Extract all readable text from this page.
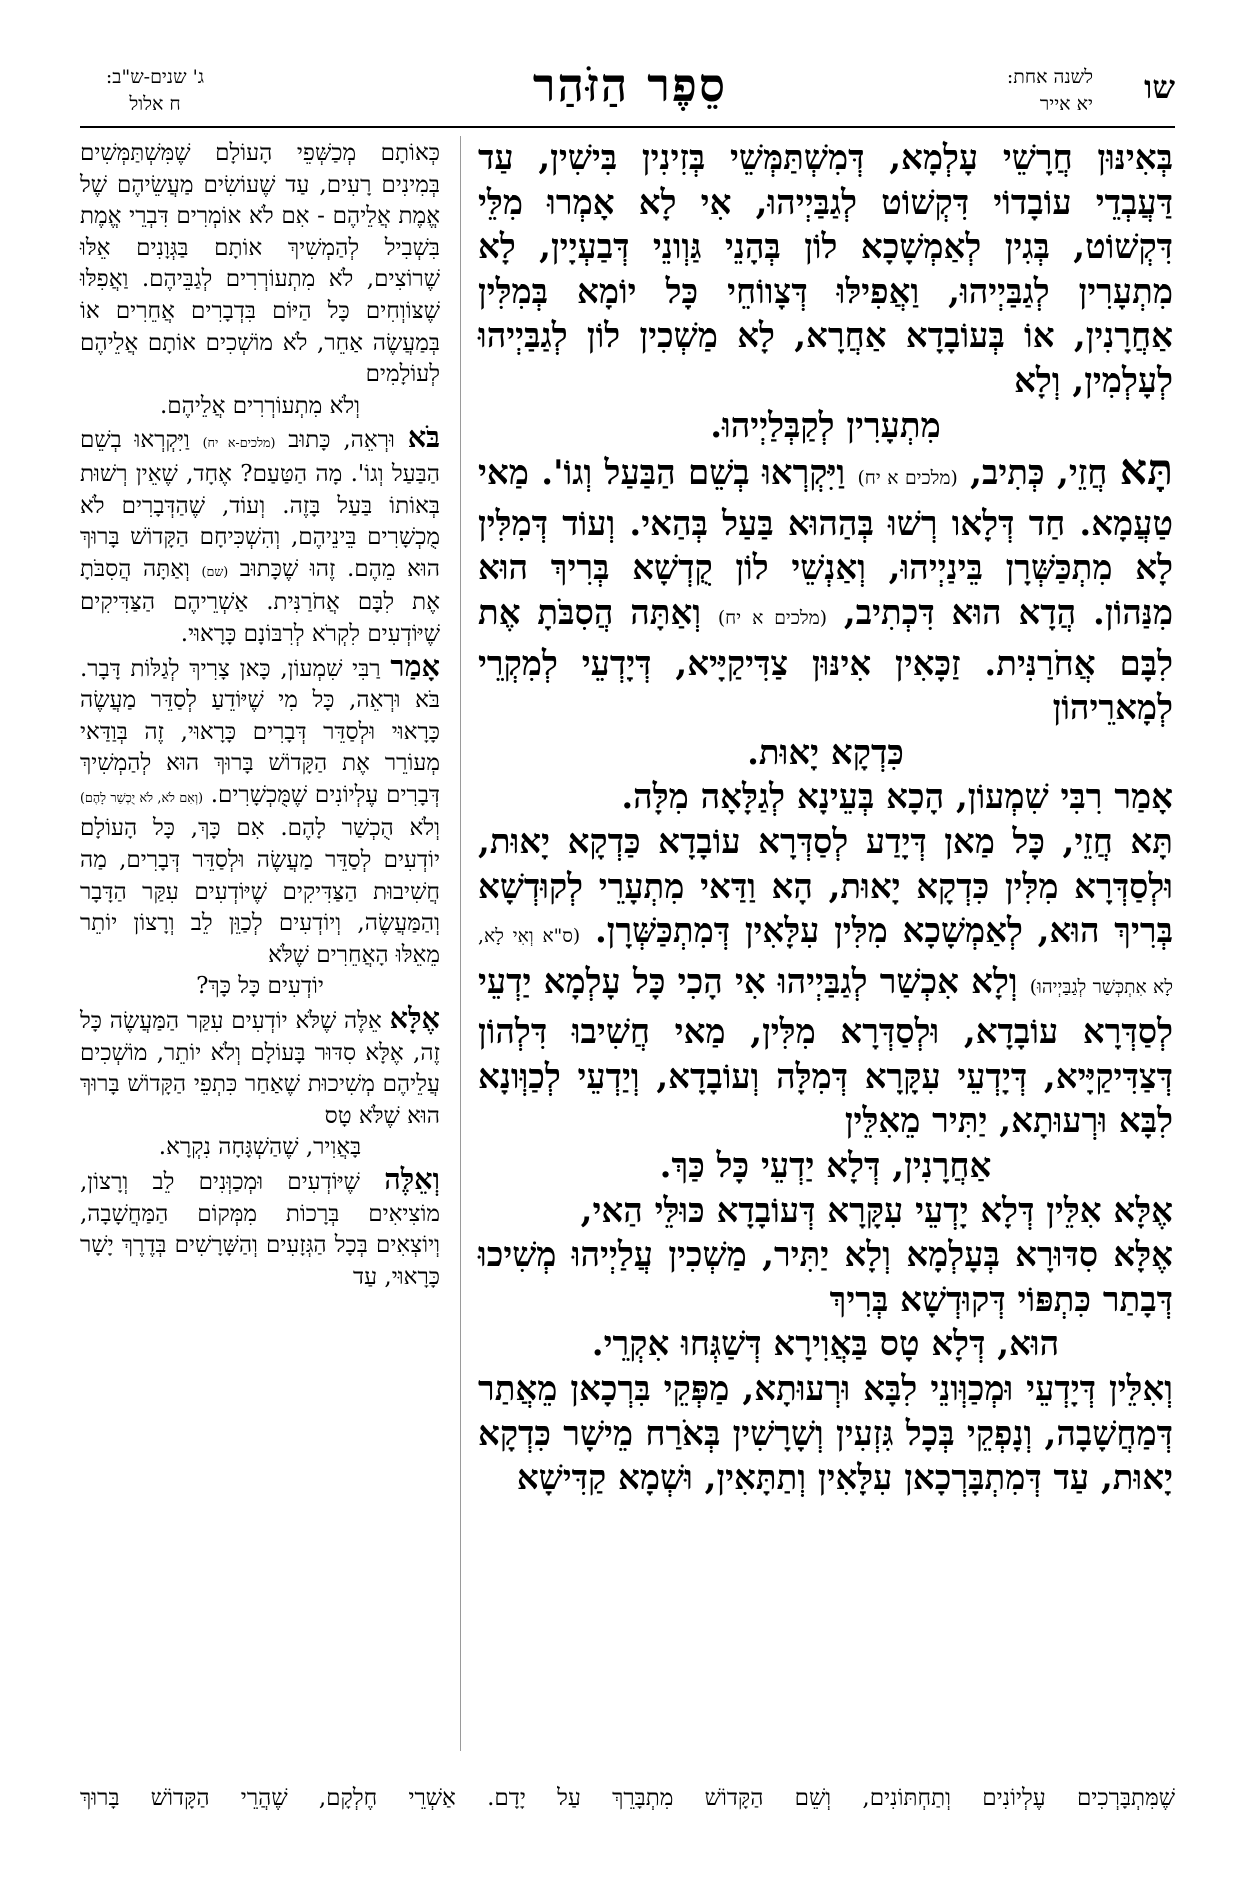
שו
לשנה אחת:
יא אייר
סֵפֶר הַזֹּהַר
ג' שנים-ש"ב:
ח אלול

בְּאִינּוּן חֲרָשֵׁי עָלְמָא, דְּמִשְׁתַּמְּשֵׁי בְּזִינִין בִּישִׁין, עַד דַּעֲבְדֵי עוֹבָדוֹי דִּקְשׁוֹט לְגַבַּיְיהוּ, אִי לָא אָמְרוּ מִלֵּי דִּקְשׁוֹט, בְּגִין לְאַמְשָׁכָא לוֹן בְּהָנֵי גַּוְונֵי דְּבַעְיָין, לָא מִתְעָרִין לְגַבַּיְיהוּ, וַאֲפִילּוּ דְּצָווֹחֵי כָּל יוֹמָא בְּמִלִּין אַחֲרָנִין, אוֹ בְּעוֹבָדָא אַחֲרָא, לָא מַשְׁכִין לוֹן לְגַבַּיְיהוּ לְעָלְמִין, וְלָא

מִתְעָרִין לְקַבְּלַיְיהוּ.

תָּא חֲזֵי, כְּתִיב, (מלכים א יח) וַיִּקְרְאוּ בְשֵׁם הַבַּעַל וְגוֹ'. מַאי טַעֲמָא. חַד דְּלָאו רְשׁוּ בְּהַהוּא בַּעַל בְּהַאי. וְעוֹד דְּמִלִּין לָא מִתְכַּשְּׁרָן בֵּינַיְיהוּ, וְאַנְשֵׁי לוֹן קֻדְשָׁא בְּרִיךְ הוּא מִנַּהוֹן. הֲדָא הוּא דִּכְתִיב, (מלכים א יח) וְאַתָּה הֲסִבֹּתָ אֶת לִבָּם אֲחֹרַנִּית. זַכָּאִין אִינּוּן צַדִּיקַיָּיא, דְּיָדְעֵי לְמִקְרֵי לְמָארֵיהוֹן

כִּדְקָא יָאוּת.

אָמַר רִבִּי שִׁמְעוֹן, הָכָא בְּעֵינָא לְגַלָּאָה מִלָּה.

תָּא חֲזֵי, כָּל מַאן דְּיָדַע לְסַדְּרָא עוֹבָדָא כַּדְקָא יָאוּת, וּלְסַדְּרָא מִלִּין כִּדְקָא יָאוּת, הָא וַדַּאי מִתְעָרֵי לְקוּדְשָׁא בְּרִיךְ הוּא, לְאַמְשָׁכָא מִלִּין עִלָּאִין דְּמִתְכַּשְּׁרָן. (ס"א וְאִי לָא, לָא אִתְכְּשַׁר לְגַבַּיְיהוּ) וְלָא אִכְשַׁר לְגַבַּיְיהוּ אִי הָכִי כָּל עָלְמָא יַדְעֵי לְסַדְּרָא עוֹבָדָא, וּלְסַדְּרָא מִלִּין, מַאי חֲשִׁיבוּ דִּלְהוֹן דְּצַדִּיקַיָּיא, דְּיָדְעֵי עִקָּרָא דְּמִלָּה וְעוֹבָדָא, וְיַדְעֵי לְכַוְּונָא לִבָּא וּרְעוּתָא, יַתִּיר מֵאִלֵּין

אַחֲרָנִין, דְּלָא יַדְעֵי כָּל כַּךְ.

אֶלָּא אִלֵּין דְּלָא יָדְעֵי עִקָּרָא דְּעוֹבָדָא כּוּלֵּי הַאי,

אֶלָּא סִדּוּרָא בְּעָלְמָא וְלָא יַתִּיר, מַשְׁכִין עֲלַיְיהוּ מְשִׁיכוּ דְּבָתַר כִּתְפּוֹי דְּקוּדְשָׁא בְּרִיךְ

הוּא, דְּלָא טָס בַּאֲוִירָא דְּשַׁגְּחוּ אִקְרֵי.

וְאִלֵּין דְּיָדְעֵי וּמְכַוְּונֵי לִבָּא וּרְעוּתָא, מַפְּקֵי בִּרְכָאן מֵאֲתַר דְּמַחֲשָׁבָה, וְנָפְקֵי בְּכָל גִּזְעִין וְשָׁרָשִׁין בְּאֹרַח מֵישָׁר כִּדְקָא יָאוּת, עַד דְּמִתְבָּרְכָאן עִלָּאִין וְתַתָּאִין, וּשְׁמָא קַדִּישָׁא

כְּאוֹתָם מְכַשְּׁפֵי הָעוֹלָם שֶׁמִּשְׁתַּמְּשִׁים בְּמִינִים רָעִים, עַד שֶׁעוֹשִׂים מַעֲשֵׂיהֶם שֶׁל אֱמֶת אֲלֵיהֶם - אִם לֹא אוֹמְרִים דִּבְרֵי אֱמֶת בִּשְׁבִיל לְהַמְשִׁיךְ אוֹתָם בַּגְּוָנִים אֵלּוּ שֶׁרוֹצִים, לֹא מִתְעוֹרְרִים לְגַבֵּיהֶם. וַאֲפִלּוּ שֶׁצּוֹוְחִים כָּל הַיּוֹם בִּדְבָרִים אֲחֵרִים אוֹ בְּמַעֲשֶׂה אַחֵר, לֹא מוֹשְׁכִים אוֹתָם אֲלֵיהֶם לְעוֹלָמִים

וְלֹא מִתְעוֹרְרִים אֲלֵיהֶם.

בֹּא וּרְאֵה, כָּתוּב (מלכים-א יח) וַיִּקְרְאוּ בְשֵׁם הַבַּעַל וְגוֹ'. מָה הַטַּעַם? אֶחָד, שֶׁאֵין רְשׁוּת בְּאוֹתוֹ בַּעַל בָּזֶה. וְעוֹד, שֶׁהַדְּבָרִים לֹא מֻכְשָׁרִים בֵּינֵיהֶם, וְהִשְׁכִּיחָם הַקָּדוֹשׁ בָּרוּךְ הוּא מֵהֶם. זֶהוּ שֶׁכָּתוּב (שם) וְאַתָּה הֲסִבֹּתָ אֶת לִבָּם אֲחֹרַנִּית. אַשְׁרֵיהֶם הַצַּדִּיקִים שֶׁיּוֹדְעִים לִקְרֹא לְרִבּוֹנָם כָּרָאוּי.

אָמַר רַבִּי שִׁמְעוֹן, כָּאן צָרִיךְ לְגַלּוֹת דָּבָר. בֹּא וּרְאֵה, כָּל מִי שֶׁיּוֹדֵעַ לְסַדֵּר מַעֲשֶׂה כָּרָאוּי וּלְסַדֵּר דְּבָרִים כָּרָאוּי, זֶה בְּוַדַּאי מְעוֹרֵר אֶת הַקָּדוֹשׁ בָּרוּךְ הוּא לְהַמְשִׁיךְ דְּבָרִים עֶלְיוֹנִים שֶׁמֻּכְשָׁרִים. (וְאִם לֹא, לֹא יֻכְשַׁר לָהֶם) וְלֹא הֻכְשַׁר לָהֶם. אִם כָּךְ, כָּל הָעוֹלָם יוֹדְעִים לְסַדֵּר מַעֲשֶׂה וּלְסַדֵּר דְּבָרִים, מַה חֲשִׁיבוּת הַצַּדִּיקִים שֶׁיּוֹדְעִים עִקַּר הַדָּבָר וְהַמַּעֲשֶׂה, וְיוֹדְעִים לְכַוֵּן לֵב וְרָצוֹן יוֹתֵר מֵאֵלּוּ הָאֲחֵרִים שֶׁלֹּא

יוֹדְעִים כָּל כָּךְ?

אֶלָּא אֵלֶּה שֶׁלֹּא יוֹדְעִים עִקַּר הַמַּעֲשֶׂה כָּל זֶה, אֶלָּא סִדּוּר בָּעוֹלָם וְלֹא יוֹתֵר, מוֹשְׁכִים עֲלֵיהֶם מְשִׁיכוּת שֶׁאַחַר כִּתְפֵי הַקָּדוֹשׁ בָּרוּךְ הוּא שֶׁלֹּא טָס

בָּאֲוִיר, שֶׁהַשְׁגָּחָה נִקְרָא.

וְאֵלֶּה שֶׁיּוֹדְעִים וּמְכַוְּנִים לֵב וְרָצוֹן, מוֹצִיאִים בְּרָכוֹת מִמְּקוֹם הַמַּחֲשָׁבָה, וְיוֹצְאִים בְּכָל הַגְּזָעִים וְהַשָּׁרָשִׁים בְּדֶרֶךְ יָשָׁר כָּרָאוּי, עַד

שֶׁמִּתְבָּרְכִים עֶלְיוֹנִים וְתַחְתּוֹנִים, וְשֵׁם הַקָּדוֹשׁ מִתְבָּרֵךְ עַל יָדָם. אַשְׁרֵי חֶלְקָם, שֶׁהֲרֵי הַקָּדוֹשׁ בָּרוּךְ
